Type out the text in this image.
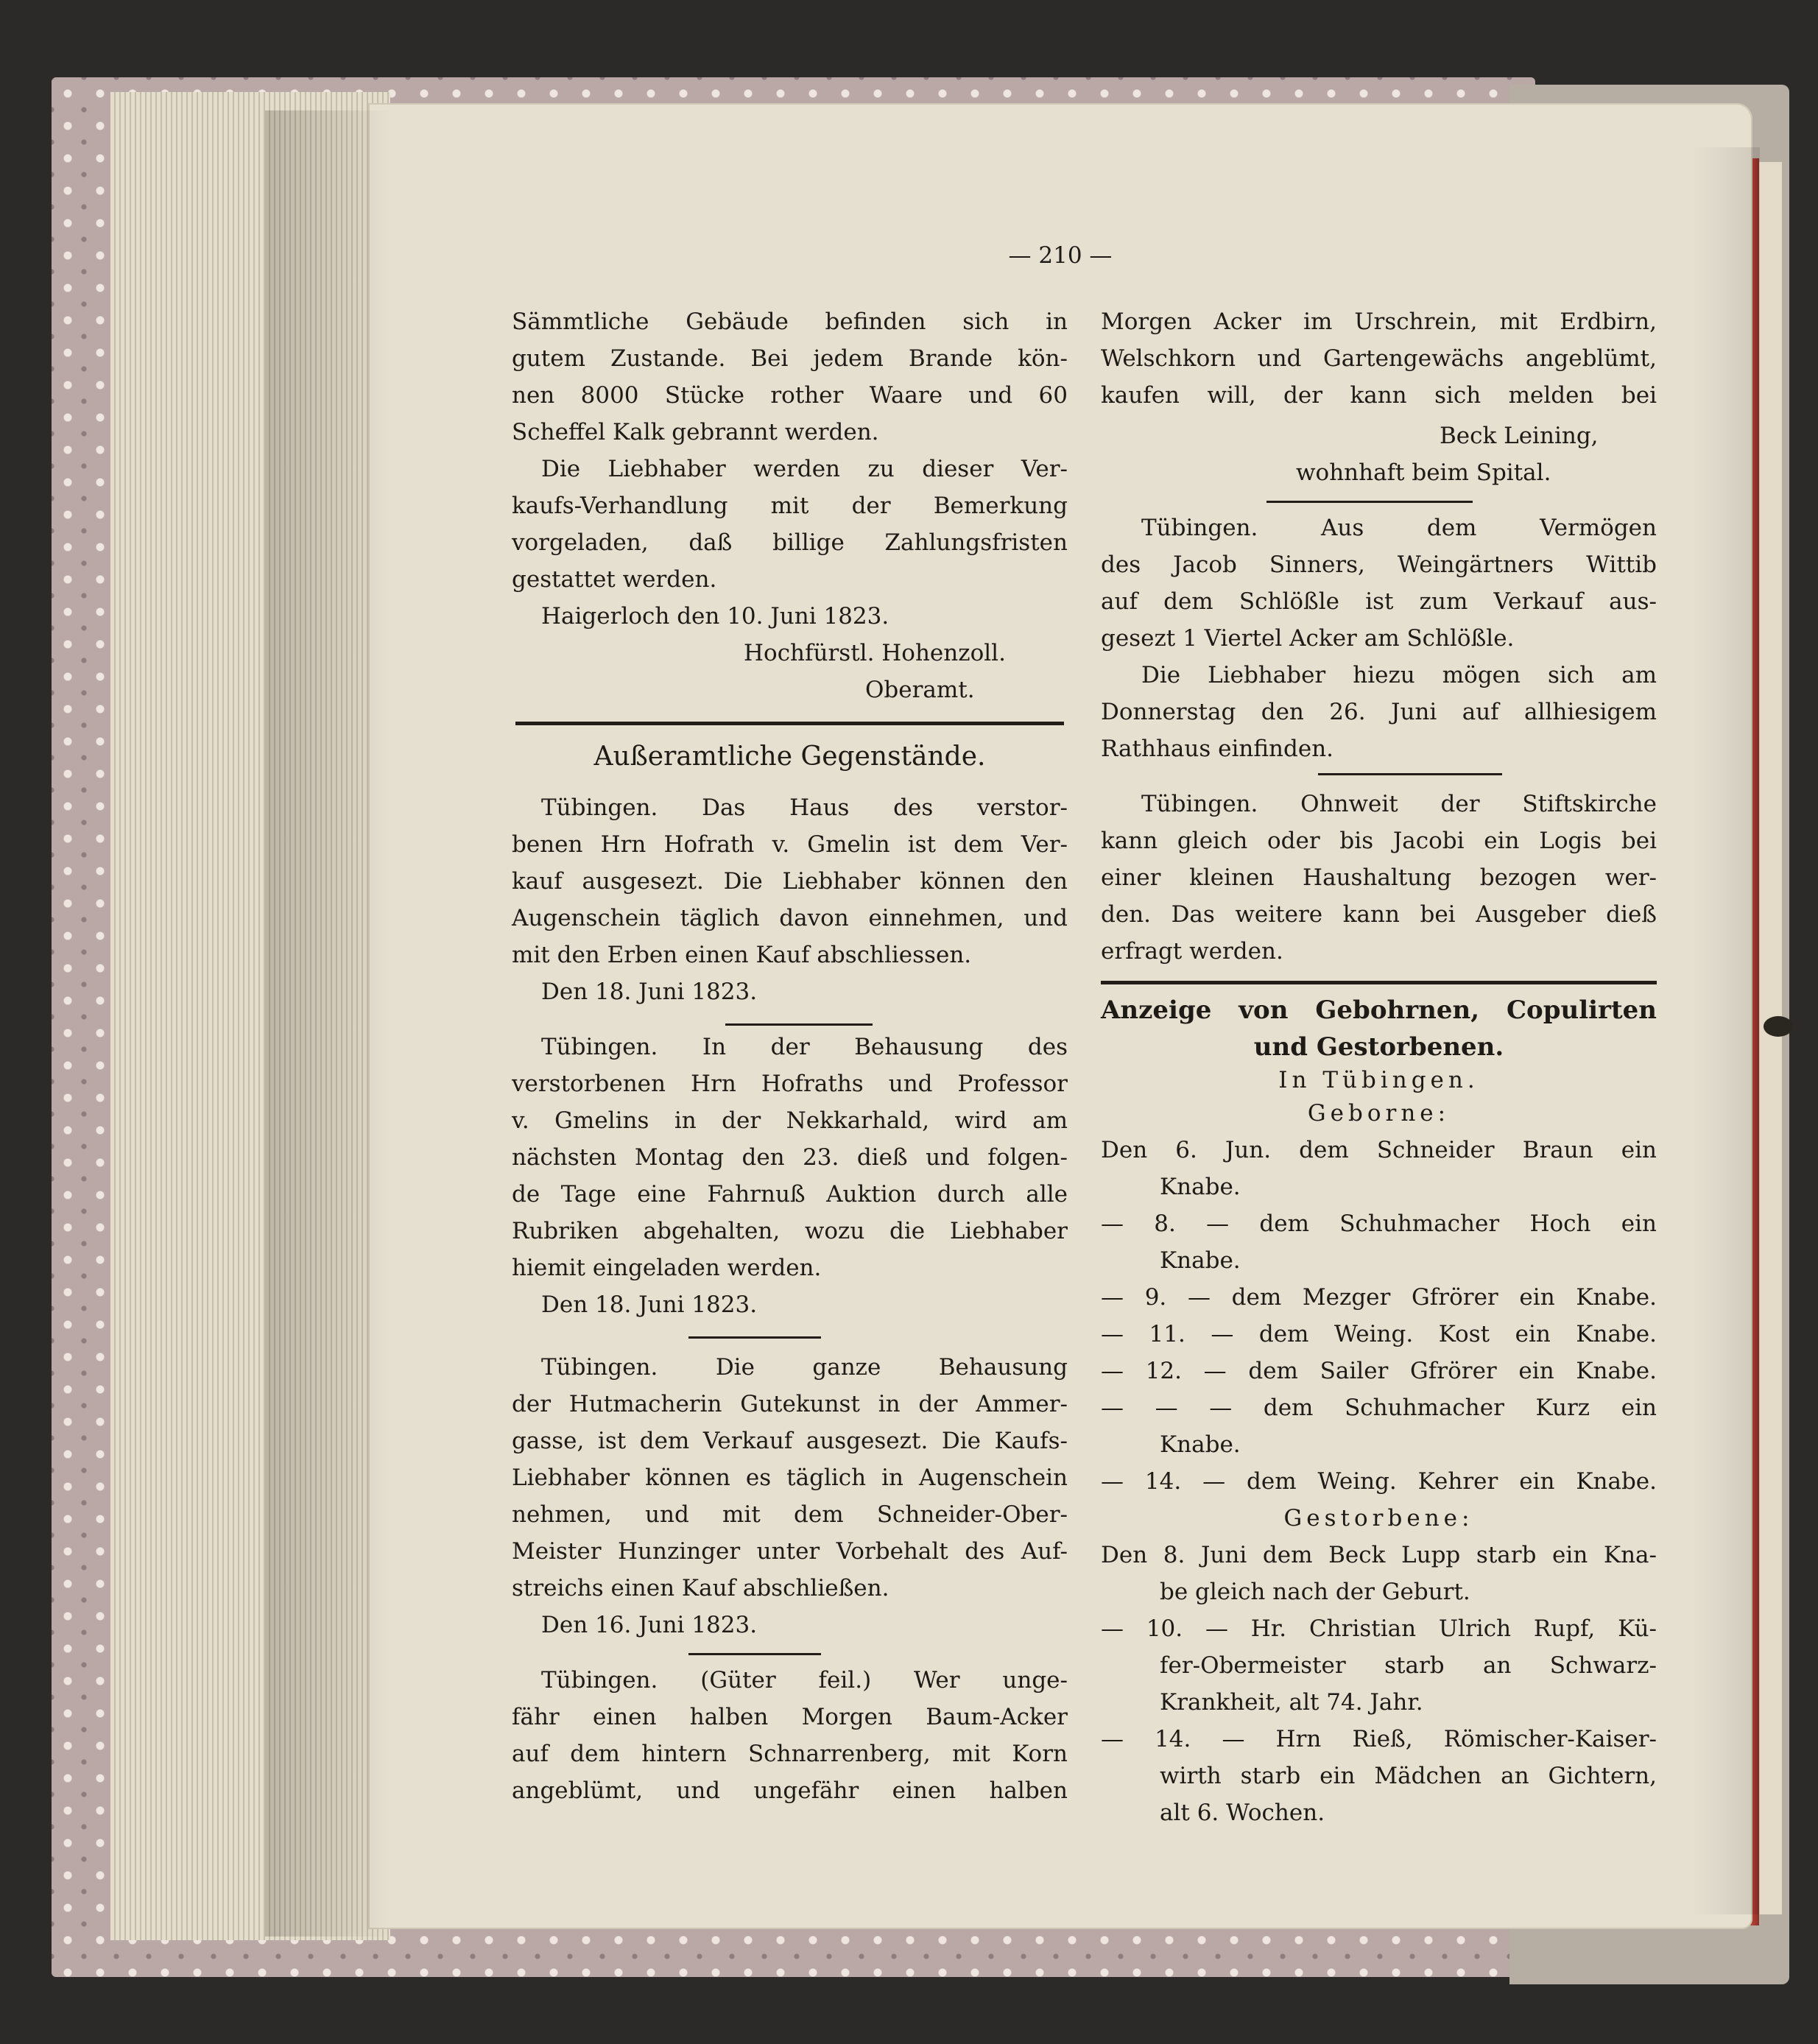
— 210 —

Sämmtliche Gebäude befinden sich in

gutem Zustande. Bei jedem Brande kön-

nen 8000 Stücke rother Waare und 60

Scheffel Kalk gebrannt werden.

Die Liebhaber werden zu dieser Ver-

kaufs-Verhandlung mit der Bemerkung

vorgeladen, daß billige Zahlungsfristen

gestattet werden.

Haigerloch den 10. Juni 1823.

Hochfürstl. Hohenzoll.

Oberamt.

Außeramtliche Gegenstände.

Tübingen. Das Haus des verstor-

benen Hrn Hofrath v. Gmelin ist dem Ver-

kauf ausgesezt. Die Liebhaber können den

Augenschein täglich davon einnehmen, und

mit den Erben einen Kauf abschliessen.

Den 18. Juni 1823.

Tübingen. In der Behausung des

verstorbenen Hrn Hofraths und Professor

v. Gmelins in der Nekkarhald, wird am

nächsten Montag den 23. dieß und folgen-

de Tage eine Fahrnuß Auktion durch alle

Rubriken abgehalten, wozu die Liebhaber

hiemit eingeladen werden.

Den 18. Juni 1823.

Tübingen. Die ganze Behausung

der Hutmacherin Gutekunst in der Ammer-

gasse, ist dem Verkauf ausgesezt. Die Kaufs-

Liebhaber können es täglich in Augenschein

nehmen, und mit dem Schneider-Ober-

Meister Hunzinger unter Vorbehalt des Auf-

streichs einen Kauf abschließen.

Den 16. Juni 1823.

Tübingen. (Güter feil.) Wer unge-

fähr einen halben Morgen Baum-Acker

auf dem hintern Schnarrenberg, mit Korn

angeblümt, und ungefähr einen halben

Morgen Acker im Urschrein, mit Erdbirn,

Welschkorn und Gartengewächs angeblümt,

kaufen will, der kann sich melden bei

Beck Leining,

wohnhaft beim Spital.

Tübingen. Aus dem Vermögen

des Jacob Sinners, Weingärtners Wittib

auf dem Schlößle ist zum Verkauf aus-

gesezt 1 Viertel Acker am Schlößle.

Die Liebhaber hiezu mögen sich am

Donnerstag den 26. Juni auf allhiesigem

Rathhaus einfinden.

Tübingen. Ohnweit der Stiftskirche

kann gleich oder bis Jacobi ein Logis bei

einer kleinen Haushaltung bezogen wer-

den. Das weitere kann bei Ausgeber dieß

erfragt werden.

Anzeige von Gebohrnen, Copulirten

und Gestorbenen.

In Tübingen.

Geborne:

Den 6. Jun. dem Schneider Braun ein

Knabe.

— 8. — dem Schuhmacher Hoch ein

Knabe.

— 9. — dem Mezger Gfrörer ein Knabe.

— 11. — dem Weing. Kost ein Knabe.

— 12. — dem Sailer Gfrörer ein Knabe.

— — — dem Schuhmacher Kurz ein

Knabe.

— 14. — dem Weing. Kehrer ein Knabe.

Gestorbene:

Den 8. Juni dem Beck Lupp starb ein Kna-

be gleich nach der Geburt.

— 10. — Hr. Christian Ulrich Rupf, Kü-

fer-Obermeister starb an Schwarz-

Krankheit, alt 74. Jahr.

— 14. — Hrn Rieß, Römischer-Kaiser-

wirth starb ein Mädchen an Gichtern,

alt 6. Wochen.
